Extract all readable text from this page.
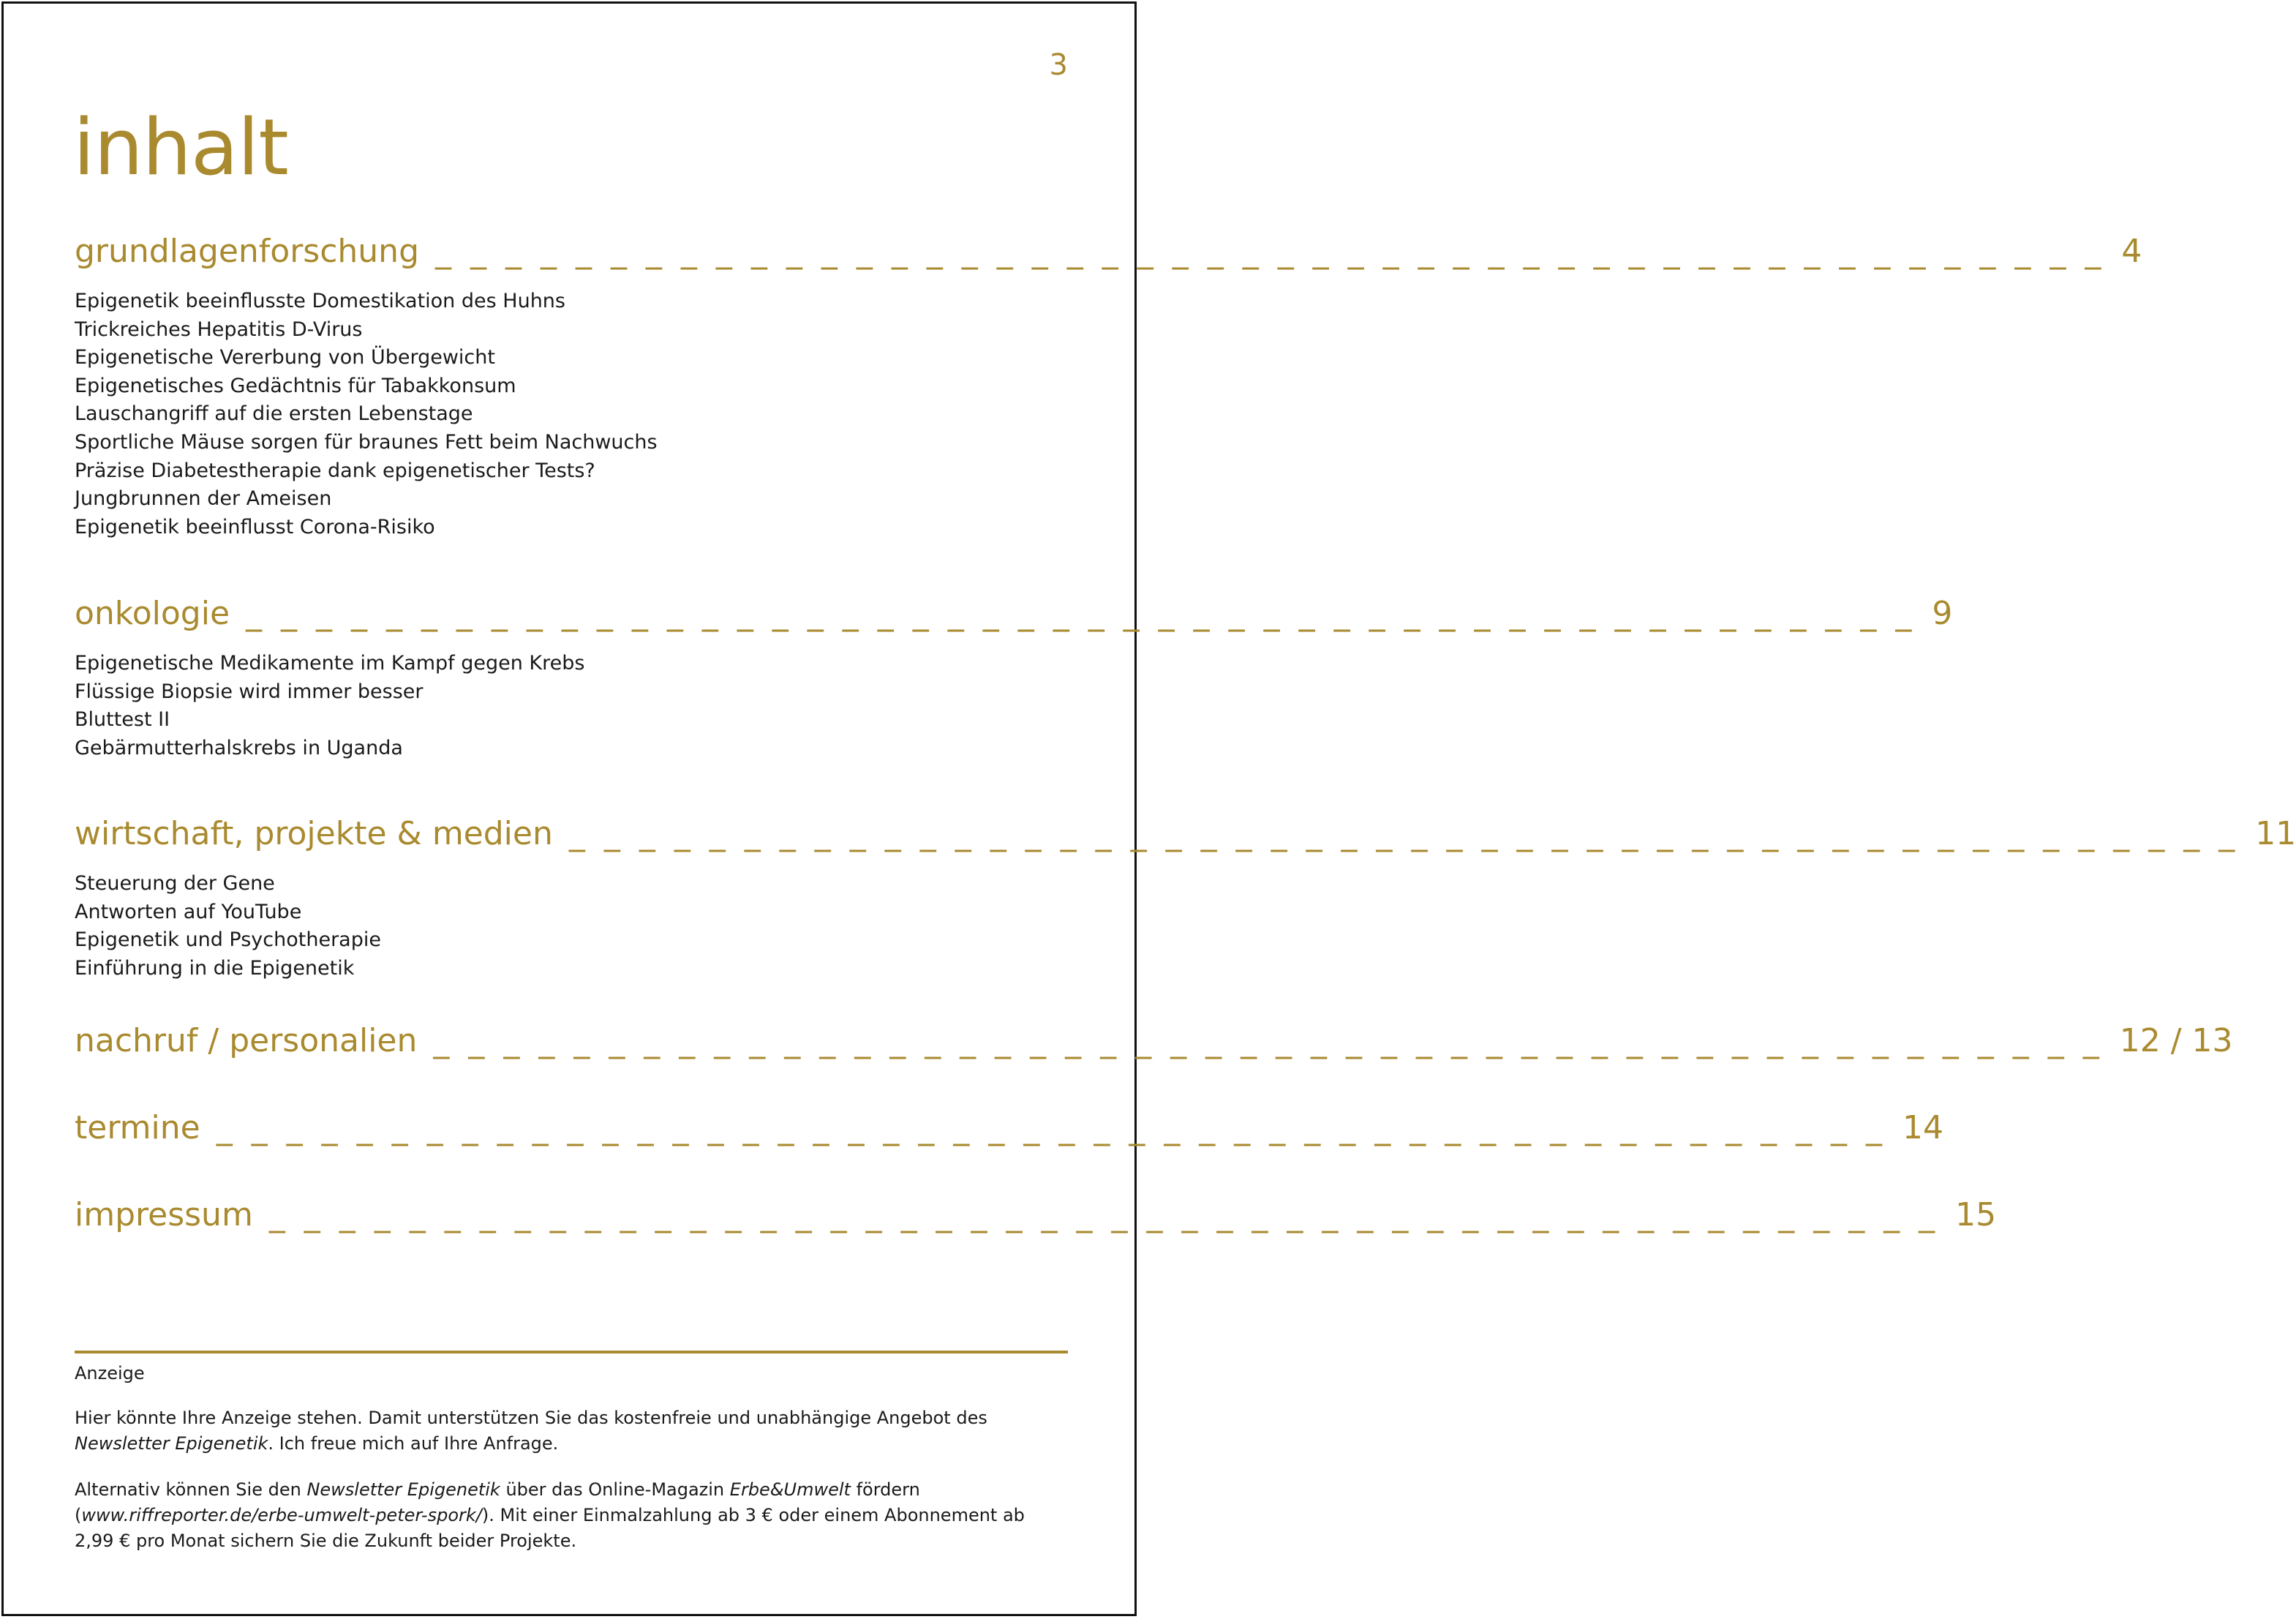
3
inhalt
grundlagenforschung _ _ _ _ _ _ _ _ _ _ _ _ _ _ _ _ _ _ _ _ _ _ _ _ _ _ _ _ _ _ _ _ _ _ _ _ _ _ _ _ _ _ _ _ _ _ _ _ 4
Epigenetik beeinflusste Domestikation des Huhns
Trickreiches Hepatitis D-Virus
Epigenetische Vererbung von Übergewicht
Epigenetisches Gedächtnis für Tabakkonsum
Lauschangriff auf die ersten Lebenstage
Sportliche Mäuse sorgen für braunes Fett beim Nachwuchs
Präzise Diabetestherapie dank epigenetischer Tests?
Jungbrunnen der Ameisen
Epigenetik beeinflusst Corona-Risiko
onkologie _ _ _ _ _ _ _ _ _ _ _ _ _ _ _ _ _ _ _ _ _ _ _ _ _ _ _ _ _ _ _ _ _ _ _ _ _ _ _ _ _ _ _ _ _ _ _ _ 9
Epigenetische Medikamente im Kampf gegen Krebs
Flüssige Biopsie wird immer besser
Bluttest II
Gebärmutterhalskrebs in Uganda
wirtschaft, projekte & medien _ _ _ _ _ _ _ _ _ _ _ _ _ _ _ _ _ _ _ _ _ _ _ _ _ _ _ _ _ _ _ _ _ _ _ _ _ _ _ _ _ _ _ _ _ _ _ _ 11
Steuerung der Gene
Antworten auf YouTube
Epigenetik und Psychotherapie
Einführung in die Epigenetik
nachruf / personalien _ _ _ _ _ _ _ _ _ _ _ _ _ _ _ _ _ _ _ _ _ _ _ _ _ _ _ _ _ _ _ _ _ _ _ _ _ _ _ _ _ _ _ _ _ _ _ _ 12 / 13
termine _ _ _ _ _ _ _ _ _ _ _ _ _ _ _ _ _ _ _ _ _ _ _ _ _ _ _ _ _ _ _ _ _ _ _ _ _ _ _ _ _ _ _ _ _ _ _ _ 14
impressum _ _ _ _ _ _ _ _ _ _ _ _ _ _ _ _ _ _ _ _ _ _ _ _ _ _ _ _ _ _ _ _ _ _ _ _ _ _ _ _ _ _ _ _ _ _ _ _ 15

Anzeige

Hier könnte Ihre Anzeige stehen. Damit unterstützen Sie das kostenfreie und unabhängige Angebot des Newsletter Epigenetik. Ich freue mich auf Ihre Anfrage.

Alternativ können Sie den Newsletter Epigenetik über das Online-Magazin Erbe&Umwelt fördern (www.riffreporter.de/erbe-umwelt-peter-spork/). Mit einer Einmalzahlung ab 3 € oder einem Abonnement ab 2,99 € pro Monat sichern Sie die Zukunft beider Projekte.
